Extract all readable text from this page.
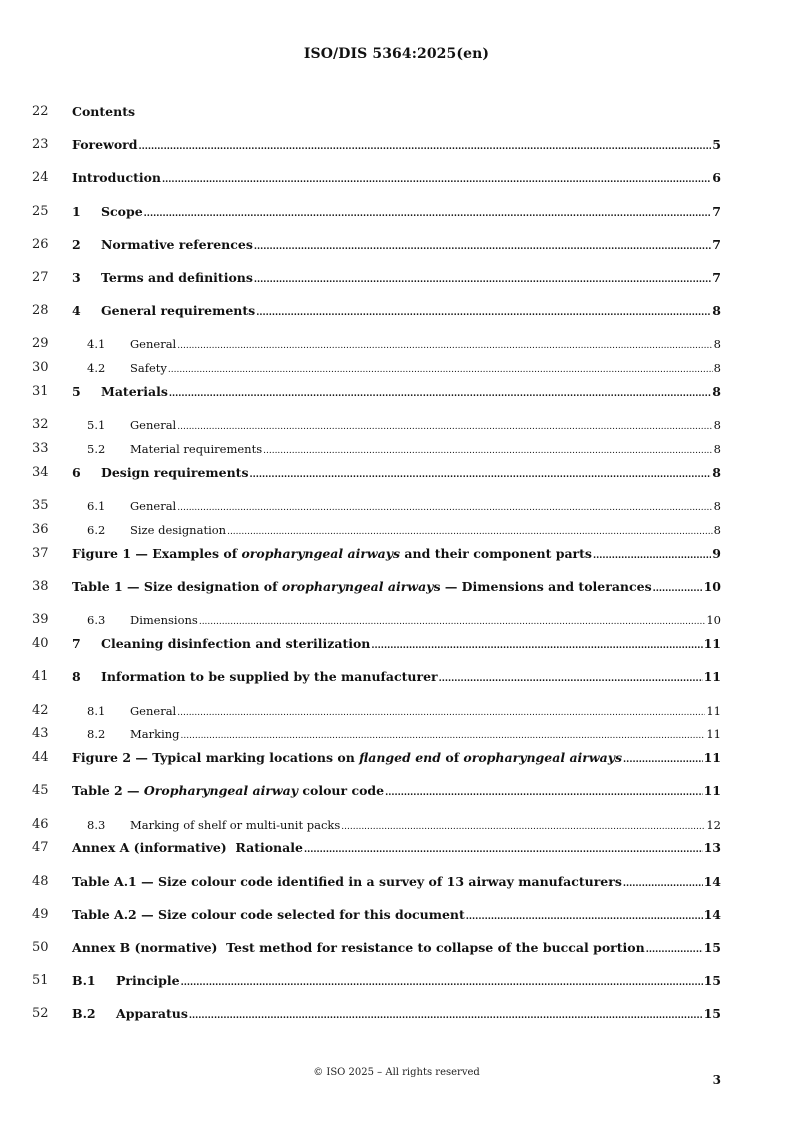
ISO/DIS 5364:2025(en)
22	Contents
23	Foreword .....	5
24	Introduction .....	6
25	1	Scope .....	7
26	2	Normative references .....	7
27	3	Terms and definitions .....	7
28	4	General requirements .....	8
29	4.1	General .....	8
30	4.2	Safety .....	8
31	5	Materials .....	8
32	5.1	General .....	8
33	5.2	Material requirements .....	8
34	6	Design requirements .....	8
35	6.1	General .....	8
36	6.2	Size designation .....	8
37	Figure 1 — Examples of oropharyngeal airways and their component parts .....	9
38	Table 1 — Size designation of oropharyngeal airways — Dimensions and tolerances .....	10
39	6.3	Dimensions .....	10
40	7	Cleaning disinfection and sterilization .....	11
41	8	Information to be supplied by the manufacturer .....	11
42	8.1	General .....	11
43	8.2	Marking .....	11
44	Figure 2 — Typical marking locations on flanged end of oropharyngeal airways .....	11
45	Table 2 — Oropharyngeal airway colour code .....	11
46	8.3	Marking of shelf or multi-unit packs .....	12
47	Annex A (informative)  Rationale .....	13
48	Table A.1 — Size colour code identified in a survey of 13 airway manufacturers .....	14
49	Table A.2 — Size colour code selected for this document .....	14
50	Annex B (normative)  Test method for resistance to collapse of the buccal portion .....	15
51	B.1	Principle .....	15
52	B.2	Apparatus .....	15
© ISO 2025 – All rights reserved
3
